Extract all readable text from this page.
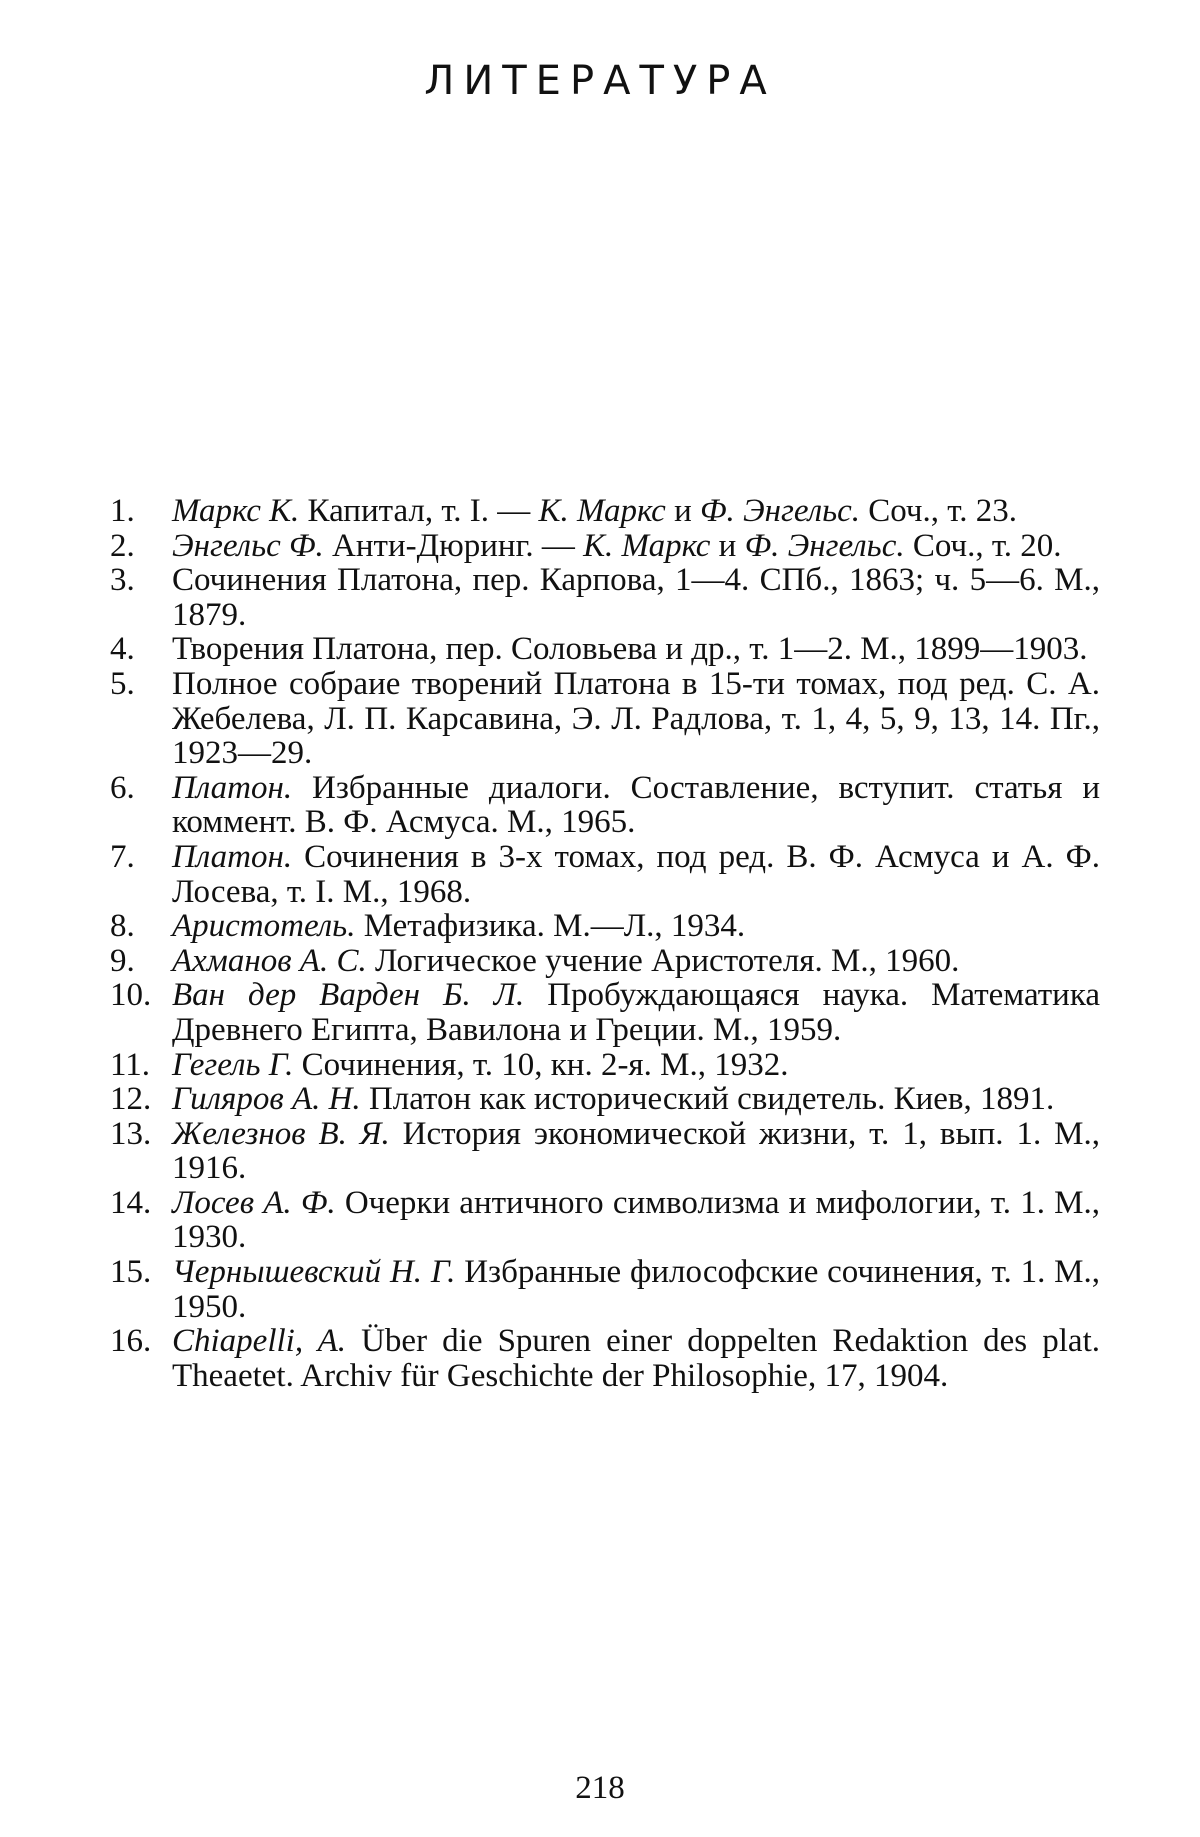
ЛИТЕРАТУРА
1.	Маркс К. Капитал, т. I. — К. Маркс и Ф. Энгельс. Соч., т. 23.
2.	Энгельс Ф. Анти-Дюринг. — К. Маркс и Ф. Энгельс. Соч., т. 20.
3.	Сочинения Платона, пер. Карпова, 1—4. СПб., 1863; ч. 5—6. М., 1879.
4.	Творения Платона, пер. Соловьева и др., т. 1—2. М., 1899—1903.
5.	Полное собраие творений Платона в 15-ти томах, под ред. С. А. Жебелева, Л. П. Карсавина, Э. Л. Радлова, т. 1, 4, 5, 9, 13, 14. Пг., 1923—29.
6.	Платон. Избранные диалоги. Составление, вступит. статья и коммент. В. Ф. Асмуса. М., 1965.
7.	Платон. Сочинения в 3-х томах, под ред. В. Ф. Асмуса и А. Ф. Лосева, т. I. М., 1968.
8.	Аристотель. Метафизика. М.—Л., 1934.
9.	Ахманов А. С. Логическое учение Аристотеля. М., 1960.
10. Ван дер Варден Б. Л. Пробуждающаяся наука. Математика Древнего Египта, Вавилона и Греции. М., 1959.
11. Гегель Г. Сочинения, т. 10, кн. 2-я. М., 1932.
12. Гиляров А. Н. Платон как исторический свидетель. Киев, 1891.
13. Железнов В. Я. История экономической жизни, т. 1, вып. 1. М., 1916.
14. Лосев А. Ф. Очерки античного символизма и мифологии, т. 1. М., 1930.
15. Чернышевский Н. Г. Избранные философские сочинения, т. 1. М., 1950.
16. Chiapelli, A. Über die Spuren einer doppelten Redaktion des plat. Theaetet. Archiv für Geschichte der Philosophie, 17, 1904.
218
